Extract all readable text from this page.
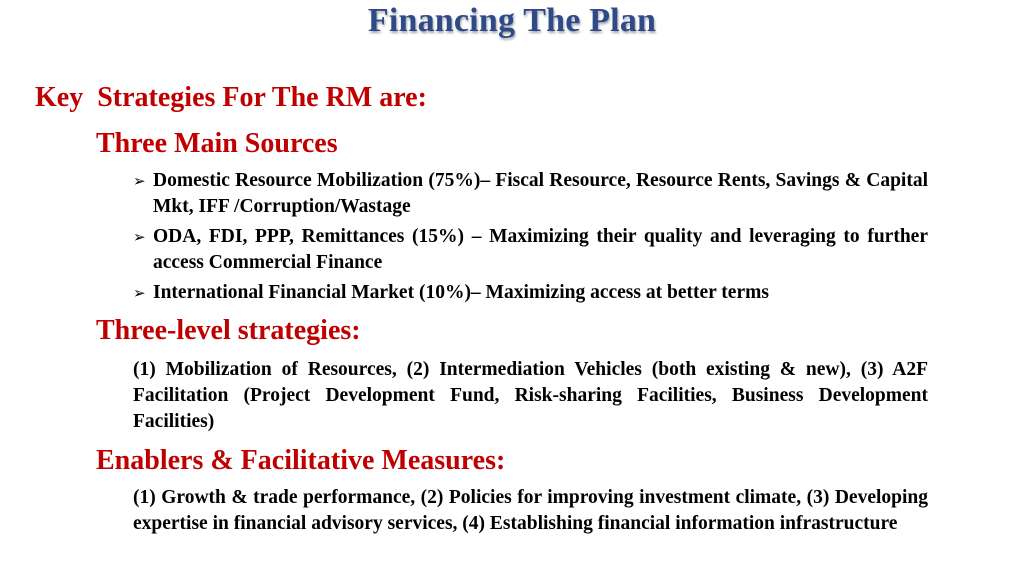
Financing The Plan
Key  Strategies For The RM are:
Three Main Sources
➢ Domestic Resource Mobilization (75%)– Fiscal Resource, Resource Rents, Savings & Capital Mkt, IFF /Corruption/Wastage
➢ ODA, FDI, PPP, Remittances (15%) – Maximizing their quality and leveraging to further access Commercial Finance
➢ International Financial Market (10%)– Maximizing access at better terms
Three-level strategies:
(1) Mobilization of Resources, (2) Intermediation Vehicles (both existing & new), (3) A2F Facilitation (Project Development Fund, Risk-sharing Facilities, Business Development Facilities)
Enablers & Facilitative Measures:
(1) Growth & trade performance, (2) Policies for improving investment climate, (3) Developing expertise in financial advisory services, (4) Establishing financial information infrastructure
